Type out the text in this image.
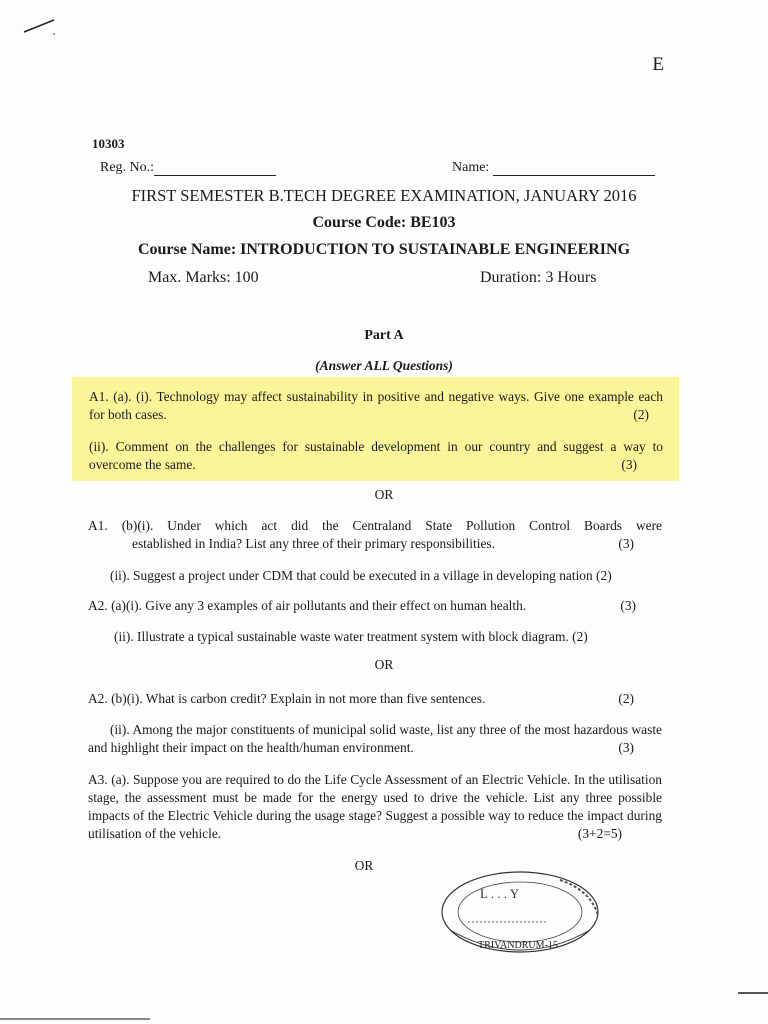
E
10303
Reg. No.:	Name:
FIRST SEMESTER B.TECH DEGREE EXAMINATION, JANUARY 2016
Course Code: BE103
Course Name: INTRODUCTION TO SUSTAINABLE ENGINEERING
Max. Marks: 100	Duration: 3 Hours
Part A
(Answer ALL Questions)
A1. (a). (i). Technology may affect sustainability in positive and negative ways. Give one example each for both cases.	(2)
(ii). Comment on the challenges for sustainable development in our country and suggest a way to overcome the same.	(3)
OR
A1. (b)(i). Under which act did the Centraland State Pollution Control Boards were
established in India? List any three of their primary responsibilities.	(3)
(ii). Suggest a project under CDM that could be executed in a village in developing nation (2)
A2. (a)(i). Give any 3 examples of air pollutants and their effect on human health.	(3)
(ii). Illustrate a typical sustainable waste water treatment system with block diagram. (2)
OR
A2. (b)(i). What is carbon credit? Explain in not more than five sentences.	(2)
(ii). Among the major constituents of municipal solid waste, list any three of the most hazardous waste and highlight their impact on the health/human environment.	(3)
A3. (a). Suppose you are required to do the Life Cycle Assessment of an Electric Vehicle. In the utilisation stage, the assessment must be made for the energy used to drive the vehicle. List any three possible impacts of the Electric Vehicle during the usage stage? Suggest a possible way to reduce the impact during utilisation of the vehicle.	(3+2=5)
OR
L . . . Y
TRIVANDRUM-15
